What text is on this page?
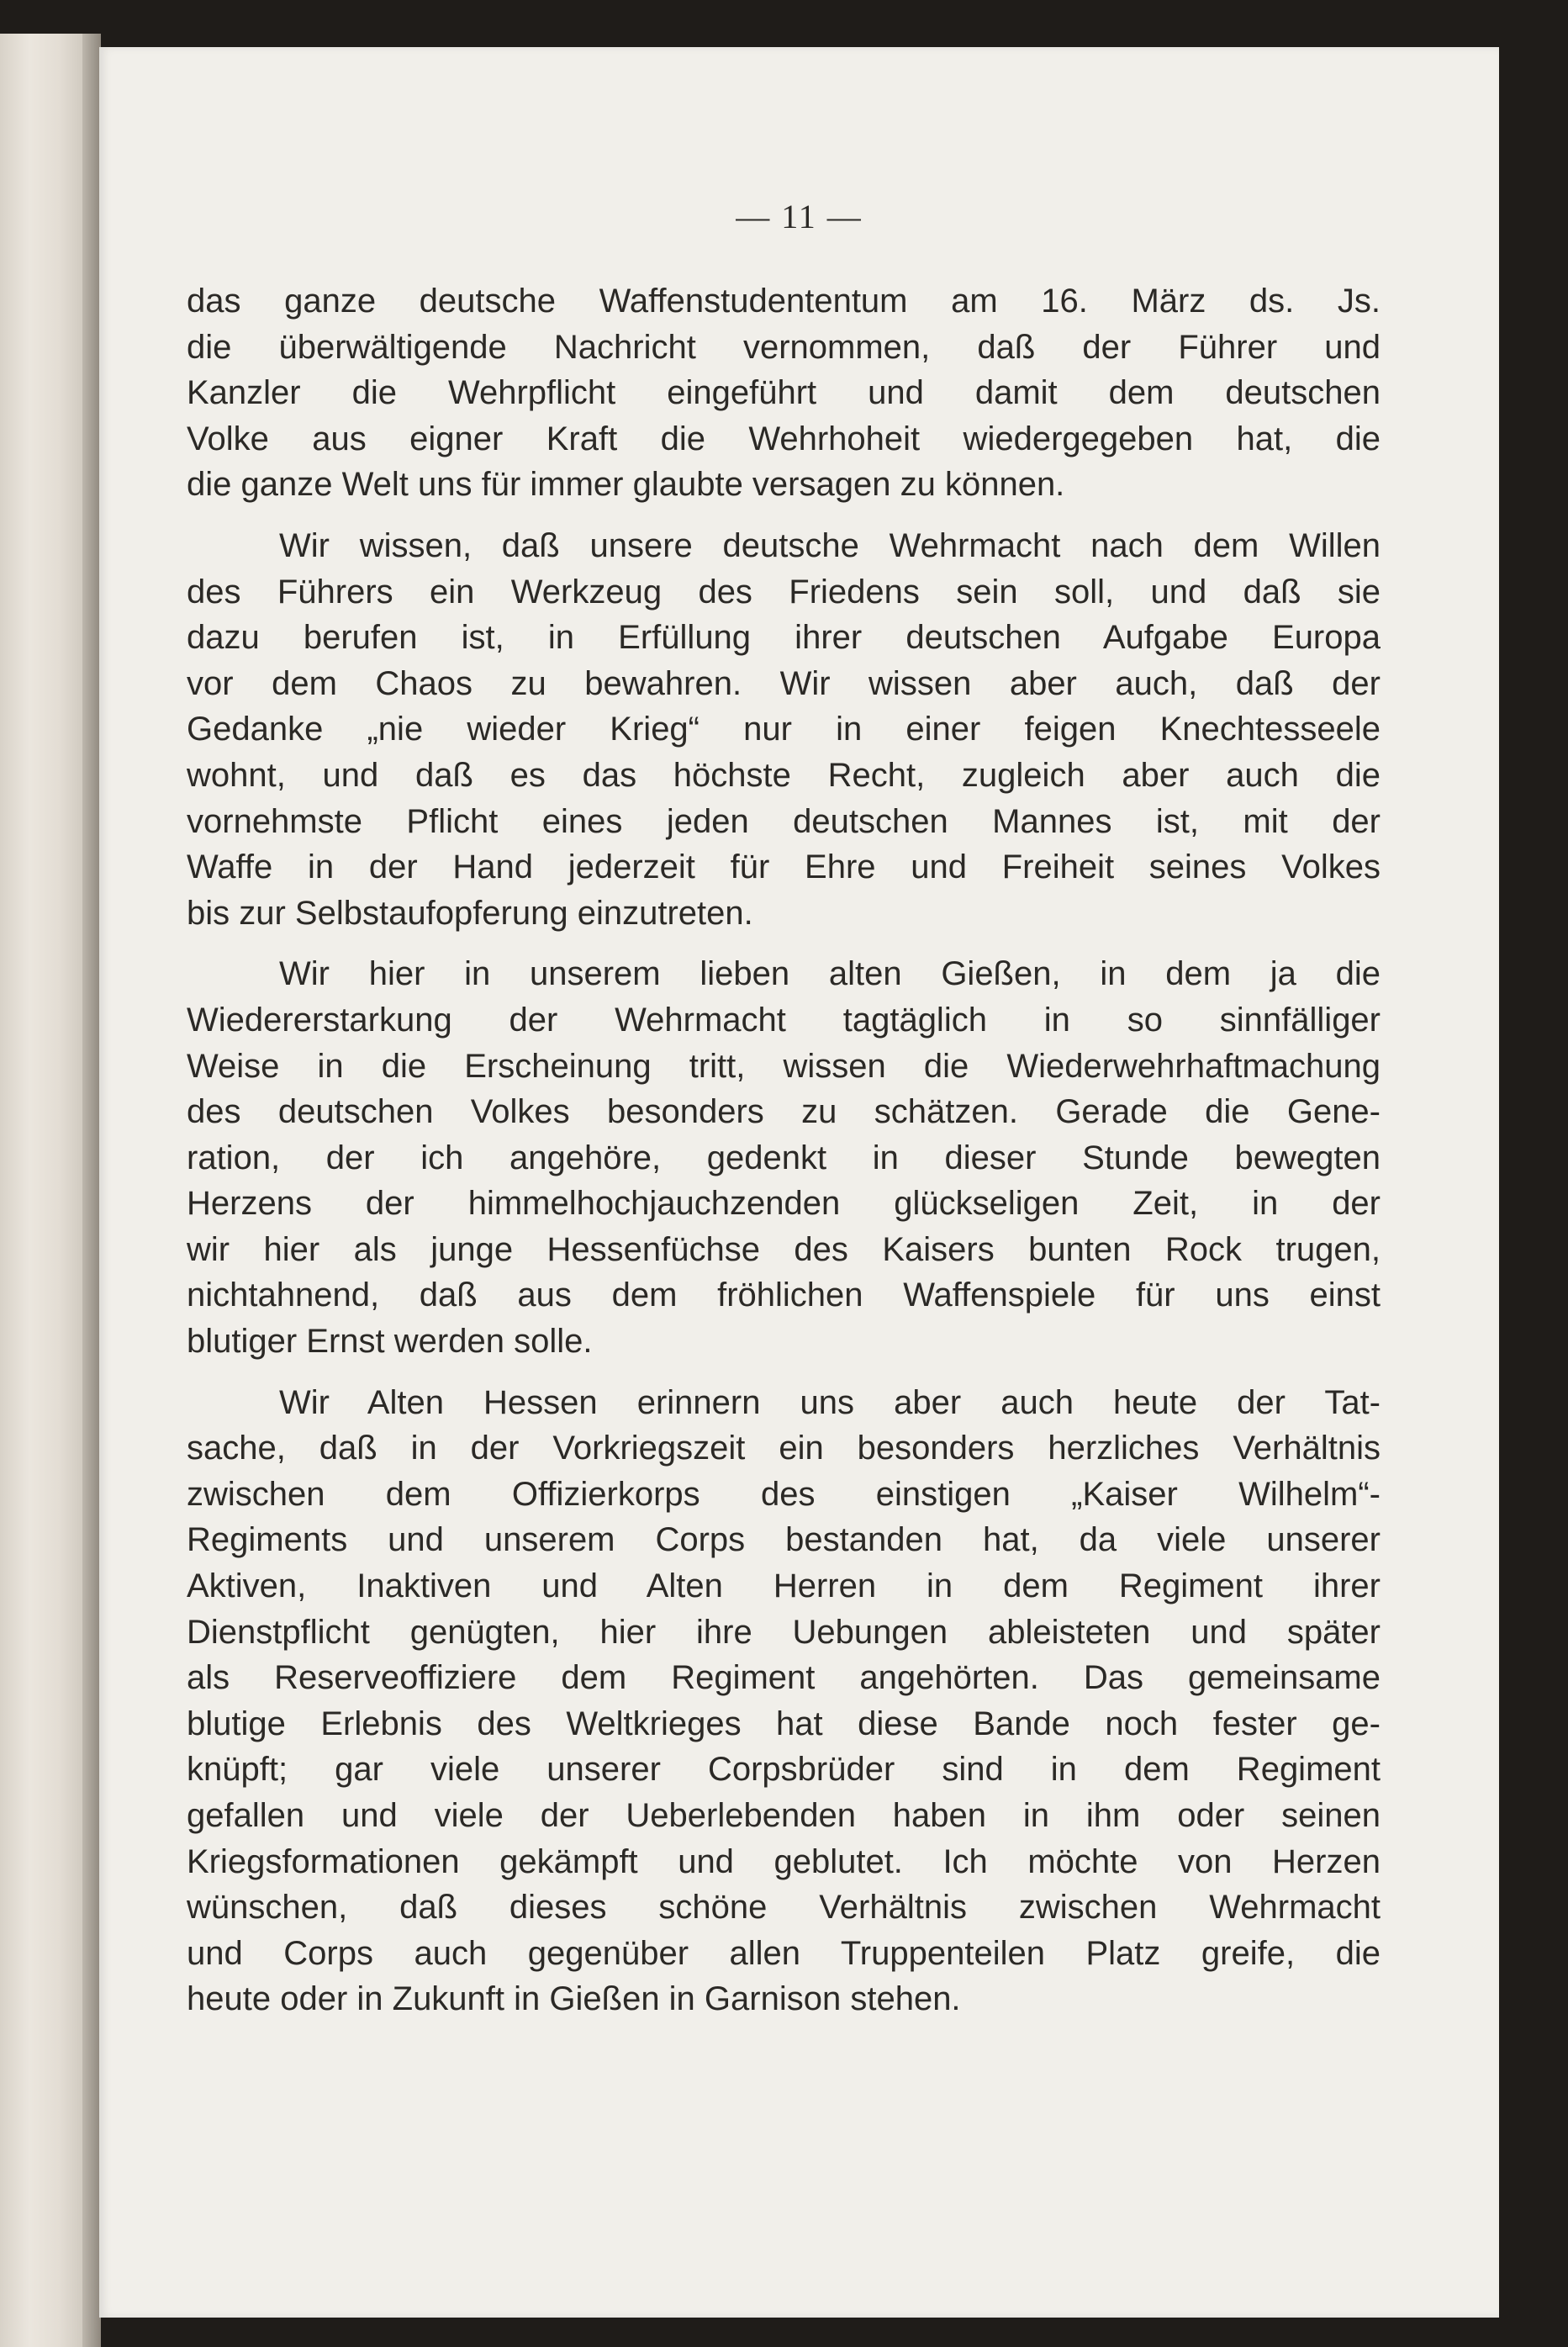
— 11 —

das ganze deutsche Waffenstudententum am 16. März ds. Js.
die überwältigende Nachricht vernommen, daß der Führer und
Kanzler die Wehrpflicht eingeführt und damit dem deutschen
Volke aus eigner Kraft die Wehrhoheit wiedergegeben hat, die
die ganze Welt uns für immer glaubte versagen zu können.

Wir wissen, daß unsere deutsche Wehrmacht nach dem Willen
des Führers ein Werkzeug des Friedens sein soll, und daß sie
dazu berufen ist, in Erfüllung ihrer deutschen Aufgabe Europa
vor dem Chaos zu bewahren. Wir wissen aber auch, daß der
Gedanke „nie wieder Krieg“ nur in einer feigen Knechtesseele
wohnt, und daß es das höchste Recht, zugleich aber auch die
vornehmste Pflicht eines jeden deutschen Mannes ist, mit der
Waffe in der Hand jederzeit für Ehre und Freiheit seines Volkes
bis zur Selbstaufopferung einzutreten.

Wir hier in unserem lieben alten Gießen, in dem ja die
Wiedererstarkung der Wehrmacht tagtäglich in so sinnfälliger
Weise in die Erscheinung tritt, wissen die Wiederwehrhaftmachung
des deutschen Volkes besonders zu schätzen. Gerade die Gene-
ration, der ich angehöre, gedenkt in dieser Stunde bewegten
Herzens der himmelhochjauchzenden glückseligen Zeit, in der
wir hier als junge Hessenfüchse des Kaisers bunten Rock trugen,
nichtahnend, daß aus dem fröhlichen Waffenspiele für uns einst
blutiger Ernst werden solle.

Wir Alten Hessen erinnern uns aber auch heute der Tat-
sache, daß in der Vorkriegszeit ein besonders herzliches Verhältnis
zwischen dem Offizierkorps des einstigen „Kaiser Wilhelm“-
Regiments und unserem Corps bestanden hat, da viele unserer
Aktiven, Inaktiven und Alten Herren in dem Regiment ihrer
Dienstpflicht genügten, hier ihre Uebungen ableisteten und später
als Reserveoffiziere dem Regiment angehörten. Das gemeinsame
blutige Erlebnis des Weltkrieges hat diese Bande noch fester ge-
knüpft; gar viele unserer Corpsbrüder sind in dem Regiment
gefallen und viele der Ueberlebenden haben in ihm oder seinen
Kriegsformationen gekämpft und geblutet. Ich möchte von Herzen
wünschen, daß dieses schöne Verhältnis zwischen Wehrmacht
und Corps auch gegenüber allen Truppenteilen Platz greife, die
heute oder in Zukunft in Gießen in Garnison stehen.
